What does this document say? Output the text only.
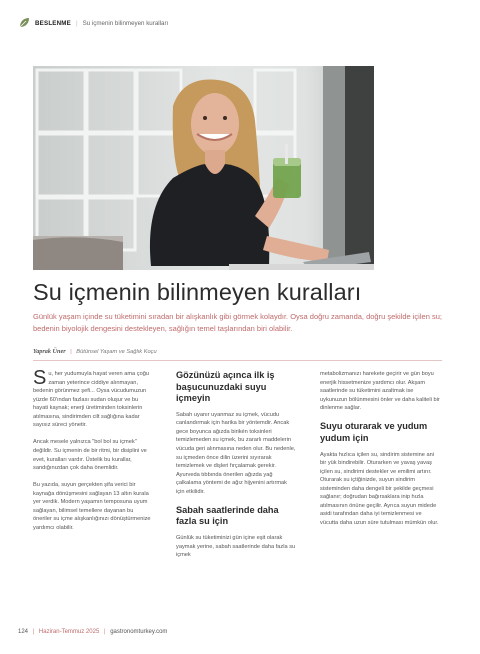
BESLENME | Su içmenin bilinmeyen kuralları
Su içmenin bilinmeyen kuralları
Günlük yaşam içinde su tüketimini sıradan bir alışkanlık gibi görmek kolaydır. Oysa doğru zamanda, doğru şekilde içilen su; bedenin biyolojik dengesini destekleyen, sağlığın temel taşlarından biri olabilir.
Yaprak Üner | Bütünsel Yaşam ve Sağlık Koçu

Su, her yudumuyla hayat veren ama çoğu zaman yeterince ciddiye alınmayan, bedenin görünmez şefi... Oysa vücudumuzun yüzde 60'ından fazlası sudan oluşur ve bu hayati kaynak; enerji üretiminden toksinlerin atılmasına, sindirimden cilt sağlığına kadar sayısız süreci yönetir.

Ancak mesele yalnızca "bol bol su içmek" değildir. Su içmenin de bir ritmi, bir disiplini ve evet, kuralları vardır. Üstelik bu kurallar, sandığınızdan çok daha önemlidir.

Bu yazıda, suyun gerçekten şifa verici bir kaynağa dönüşmesini sağlayan 13 altın kurala yer verdik. Modern yaşamın temposuna uyum sağlayan, bilimsel temellere dayanan bu öneriler su içme alışkanlığınızı dönüştürmenize yardımcı olabilir.

Gözünüzü açınca ilk iş başucunuzdaki suyu içmeyin

Sabah uyanır uyanmaz su içmek, vücudu canlandırmak için harika bir yöntemdir. Ancak gece boyunca ağızda birikén toksinleri temizlemeden su içmek, bu zararlı maddelerin vücuda geri alınmasına neden olur. Bu nedenle, su içmeden önce dilin üzerini sıyırarak temizlemek ve dişleri fırçalamak gerekir. Ayurveda tıbbında önerilen ağızda yağ çalkalama yöntemi de ağız hijyenini artırmak için etkilidir.

Sabah saatlerinde daha fazla su için

Günlük su tüketiminizi gün içine eşit olarak yaymak yerine, sabah saatlerinde daha fazla su içmek

metabolizmanızı harekete geçirir ve gün boyu enerjik hissetmenize yardımcı olur. Akşam saatlerinde su tüketimini azaltmak ise uykunuzun bölünmesini önler ve daha kaliteli bir dinlenme sağlar.

Suyu oturarak ve yudum yudum için

Ayakta hızlıca içilen su, sindirim sistemine ani bir yük bindirebilir. Oturarken ve yavaş yavaş içilen su, sindirimi destekler ve emilimi artırır. Oturarak su içtiğinizde, suyun sindirim sisteminden daha dengeli bir şekilde geçmesi sağlanır; doğrudan bağırsaklara inip hızla atılmasının önüne geçilir. Ayrıca suyun midede asidi tarafından daha iyi temizlenmesi ve vücutta daha uzun süre tutulması mümkün olur.

124 | Haziran-Temmuz 2025 | gastronomturkey.com
